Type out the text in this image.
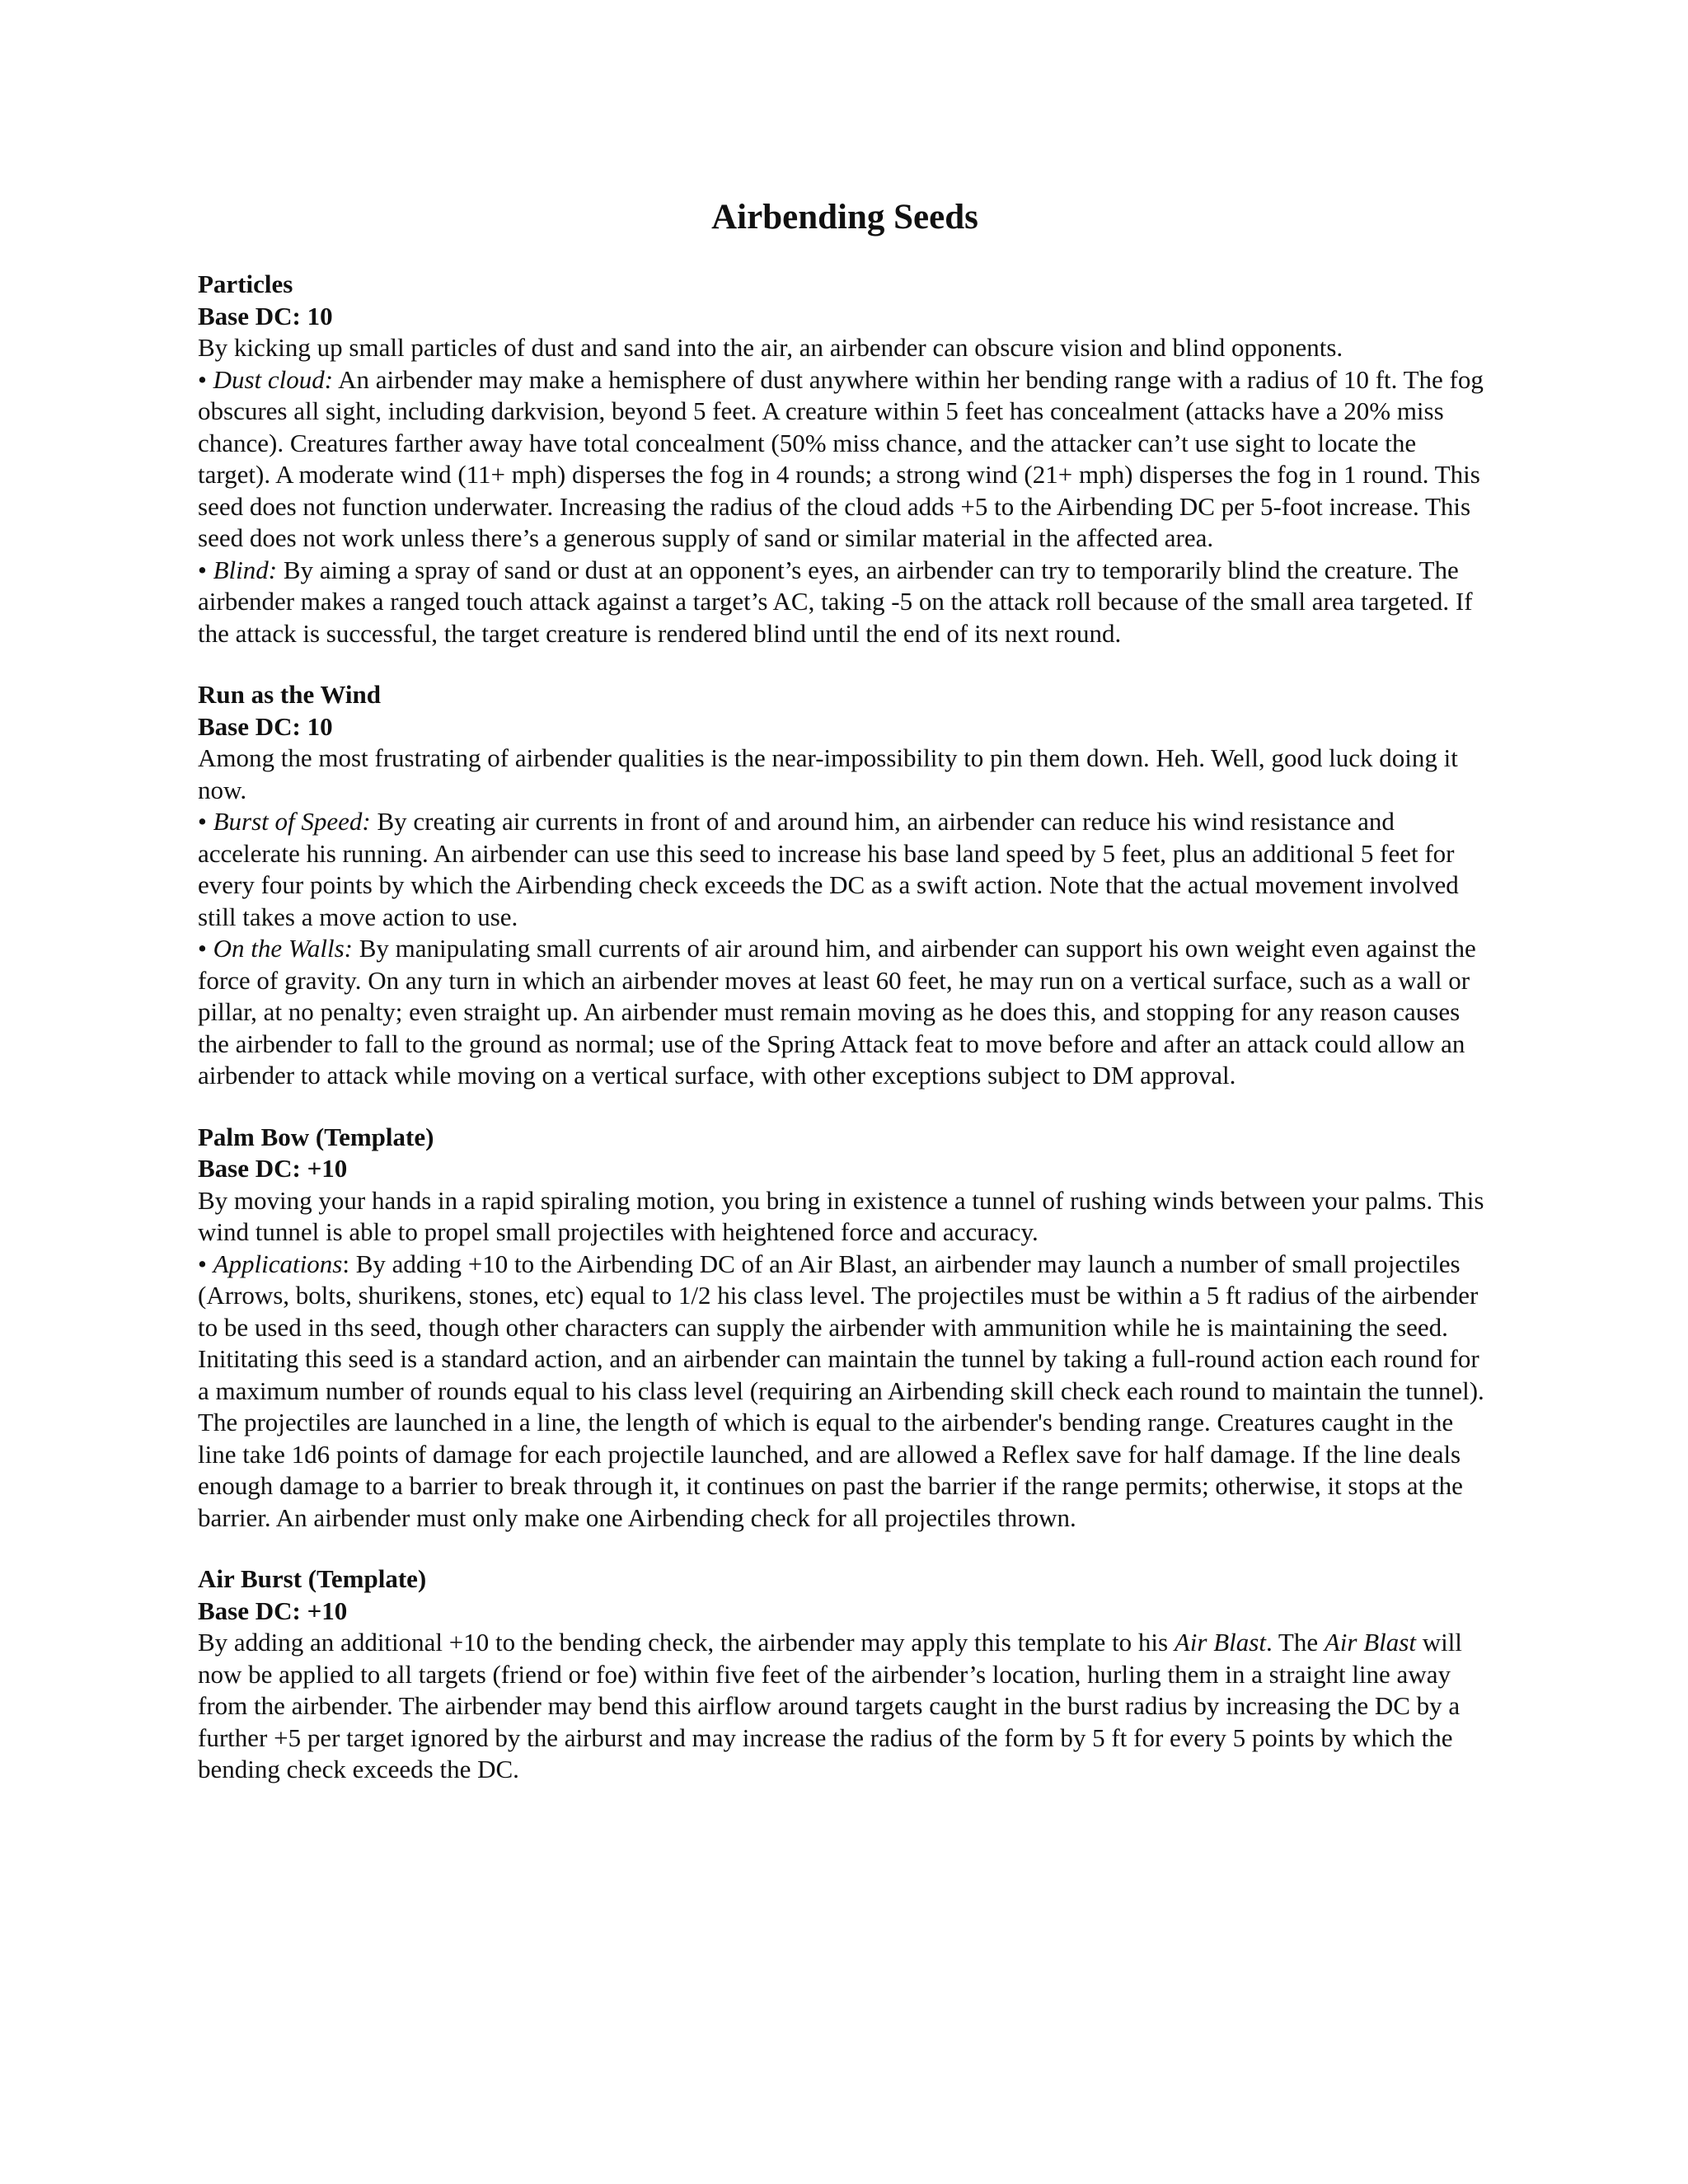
Airbending Seeds
Particles
Base DC: 10
By kicking up small particles of dust and sand into the air, an airbender can obscure vision and blind opponents.
• Dust cloud: An airbender may make a hemisphere of dust anywhere within her bending range with a radius of 10 ft. The fog obscures all sight, including darkvision, beyond 5 feet. A creature within 5 feet has concealment (attacks have a 20% miss chance). Creatures farther away have total concealment (50% miss chance, and the attacker can’t use sight to locate the target). A moderate wind (11+ mph) disperses the fog in 4 rounds; a strong wind (21+ mph) disperses the fog in 1 round. This seed does not function underwater. Increasing the radius of the cloud adds +5 to the Airbending DC per 5-foot increase. This seed does not work unless there’s a generous supply of sand or similar material in the affected area.
• Blind: By aiming a spray of sand or dust at an opponent’s eyes, an airbender can try to temporarily blind the creature. The airbender makes a ranged touch attack against a target’s AC, taking -5 on the attack roll because of the small area targeted. If the attack is successful, the target creature is rendered blind until the end of its next round.
Run as the Wind
Base DC: 10
Among the most frustrating of airbender qualities is the near-impossibility to pin them down. Heh. Well, good luck doing it now.
• Burst of Speed: By creating air currents in front of and around him, an airbender can reduce his wind resistance and accelerate his running. An airbender can use this seed to increase his base land speed by 5 feet, plus an additional 5 feet for every four points by which the Airbending check exceeds the DC as a swift action. Note that the actual movement involved still takes a move action to use.
• On the Walls: By manipulating small currents of air around him, and airbender can support his own weight even against the force of gravity. On any turn in which an airbender moves at least 60 feet, he may run on a vertical surface, such as a wall or pillar, at no penalty; even straight up. An airbender must remain moving as he does this, and stopping for any reason causes the airbender to fall to the ground as normal; use of the Spring Attack feat to move before and after an attack could allow an airbender to attack while moving on a vertical surface, with other exceptions subject to DM approval.
Palm Bow (Template)
Base DC: +10
By moving your hands in a rapid spiraling motion, you bring in existence a tunnel of rushing winds between your palms. This wind tunnel is able to propel small projectiles with heightened force and accuracy.
• Applications: By adding +10 to the Airbending DC of an Air Blast, an airbender may launch a number of small projectiles (Arrows, bolts, shurikens, stones, etc) equal to 1/2 his class level. The projectiles must be within a 5 ft radius of the airbender to be used in ths seed, though other characters can supply the airbender with ammunition while he is maintaining the seed. Inititating this seed is a standard action, and an airbender can maintain the tunnel by taking a full-round action each round for a maximum number of rounds equal to his class level (requiring an Airbending skill check each round to maintain the tunnel). The projectiles are launched in a line, the length of which is equal to the airbender's bending range. Creatures caught in the line take 1d6 points of damage for each projectile launched, and are allowed a Reflex save for half damage. If the line deals enough damage to a barrier to break through it, it continues on past the barrier if the range permits; otherwise, it stops at the barrier. An airbender must only make one Airbending check for all projectiles thrown.
Air Burst (Template)
Base DC: +10
By adding an additional +10 to the bending check, the airbender may apply this template to his Air Blast. The Air Blast will now be applied to all targets (friend or foe) within five feet of the airbender’s location, hurling them in a straight line away from the airbender. The airbender may bend this airflow around targets caught in the burst radius by increasing the DC by a further +5 per target ignored by the airburst and may increase the radius of the form by 5 ft for every 5 points by which the bending check exceeds the DC.
